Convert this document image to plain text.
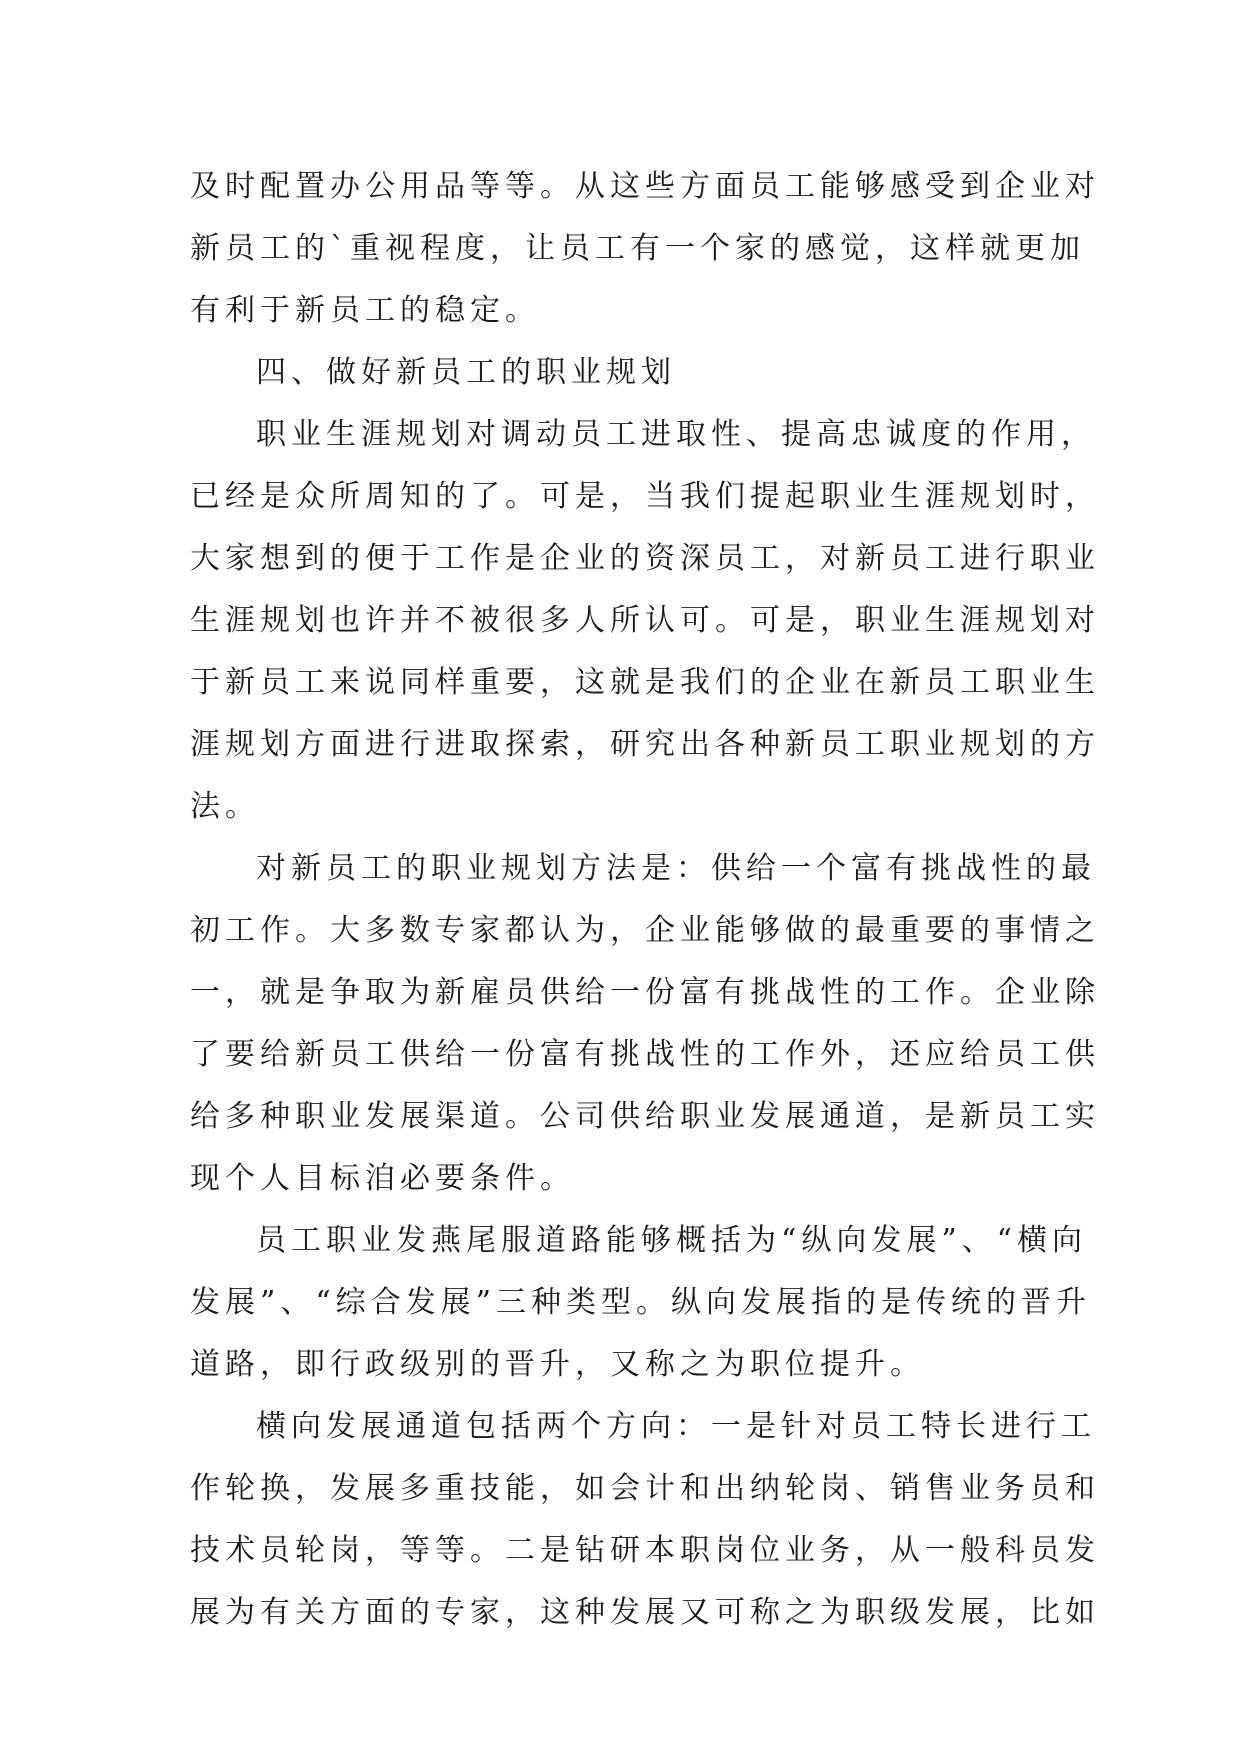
及时配置办公用品等等。从这些方面员工能够感受到企业对
新员工的`重视程度，让员工有一个家的感觉，这样就更加
有利于新员工的稳定。
四、做好新员工的职业规划
职业生涯规划对调动员工进取性、提高忠诚度的作用，
已经是众所周知的了。可是，当我们提起职业生涯规划时，
大家想到的便于工作是企业的资深员工，对新员工进行职业
生涯规划也许并不被很多人所认可。可是，职业生涯规划对
于新员工来说同样重要，这就是我们的企业在新员工职业生
涯规划方面进行进取探索，研究出各种新员工职业规划的方
法。
对新员工的职业规划方法是：供给一个富有挑战性的最
初工作。大多数专家都认为，企业能够做的最重要的事情之
一，就是争取为新雇员供给一份富有挑战性的工作。企业除
了要给新员工供给一份富有挑战性的工作外，还应给员工供
给多种职业发展渠道。公司供给职业发展通道，是新员工实
现个人目标洎必要条件。
员工职业发燕尾服道路能够概括为“纵向发展”、“横向
发展”、“综合发展”三种类型。纵向发展指的是传统的晋升
道路，即行政级别的晋升，又称之为职位提升。
横向发展通道包括两个方向：一是针对员工特长进行工
作轮换，发展多重技能，如会计和出纳轮岗、销售业务员和
技术员轮岗，等等。二是钻研本职岗位业务，从一般科员发
展为有关方面的专家，这种发展又可称之为职级发展，比如
